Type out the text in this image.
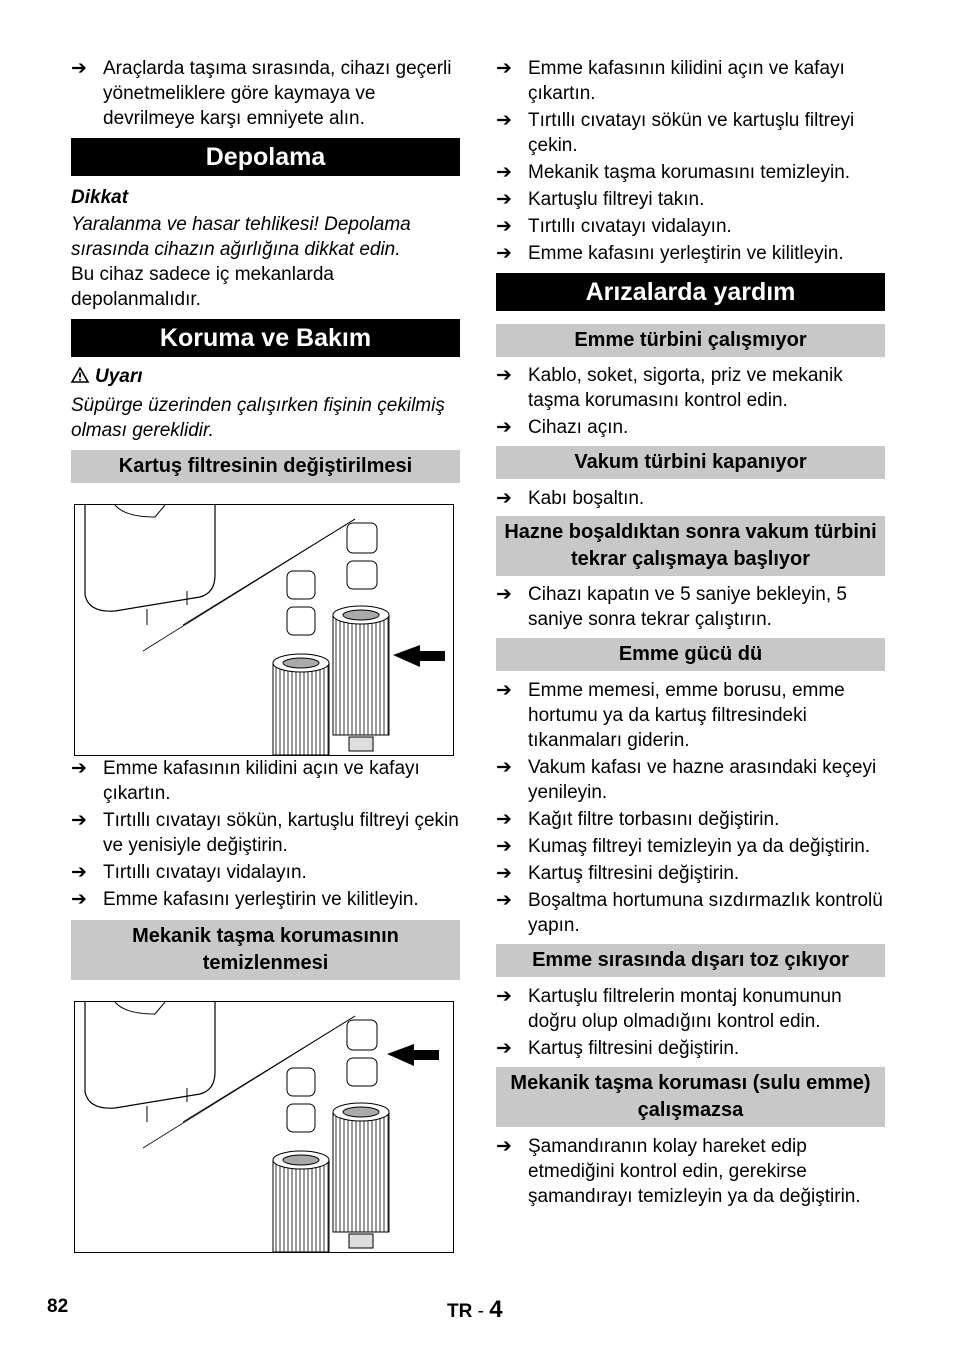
➔ Araçlarda taşıma sırasında, cihazı geçerli yönetmeliklere göre kaymaya ve devrilmeye karşı emniyete alın.
Depolama

Dikkat

Yaralanma ve hasar tehlikesi! Depolama sırasında cihazın ağırlığına dikkat edin.

Bu cihaz sadece iç mekanlarda depolanmalıdır.

Koruma ve Bakım

Uyarı

Süpürge üzerinden çalışırken fişinin çekilmiş olması gereklidir.

Kartuş filtresinin değiştirilmesi
➔ Emme kafasının kilidini açın ve kafayı çıkartın.
➔ Tırtıllı cıvatayı sökün, kartuşlu filtreyi çekin ve yenisiyle değiştirin.
➔ Tırtıllı cıvatayı vidalayın.
➔ Emme kafasını yerleştirin ve kilitleyin.
Mekanik taşma korumasının temizlenmesi
➔ Emme kafasının kilidini açın ve kafayı çıkartın.
➔ Tırtıllı cıvatayı sökün ve kartuşlu filtreyi çekin.
➔ Mekanik taşma korumasını temizleyin.
➔ Kartuşlu filtreyi takın.
➔ Tırtıllı cıvatayı vidalayın.
➔ Emme kafasını yerleştirin ve kilitleyin.
Arızalarda yardım
Emme türbini çalışmıyor
➔ Kablo, soket, sigorta, priz ve mekanik taşma korumasını kontrol edin.
➔ Cihazı açın.
Vakum türbini kapanıyor
➔ Kabı boşaltın.
Hazne boşaldıktan sonra vakum türbini tekrar çalışmaya başlıyor
➔ Cihazı kapatın ve 5 saniye bekleyin, 5 saniye sonra tekrar çalıştırın.
Emme gücü dü
➔ Emme memesi, emme borusu, emme hortumu ya da kartuş filtresindeki tıkanmaları giderin.
➔ Vakum kafası ve hazne arasındaki keçeyi yenileyin.
➔ Kağıt filtre torbasını değiştirin.
➔ Kumaş filtreyi temizleyin ya da değiştirin.
➔ Kartuş filtresini değiştirin.
➔ Boşaltma hortumuna sızdırmazlık kontrolü yapın.
Emme sırasında dışarı toz çıkıyor
➔ Kartuşlu filtrelerin montaj konumunun doğru olup olmadığını kontrol edin.
➔ Kartuş filtresini değiştirin.
Mekanik taşma koruması (sulu emme) çalışmazsa
➔ Şamandıranın kolay hareket edip etmediğini kontrol edin, gerekirse şamandırayı temizleyin ya da değiştirin.
82	TR - 4
